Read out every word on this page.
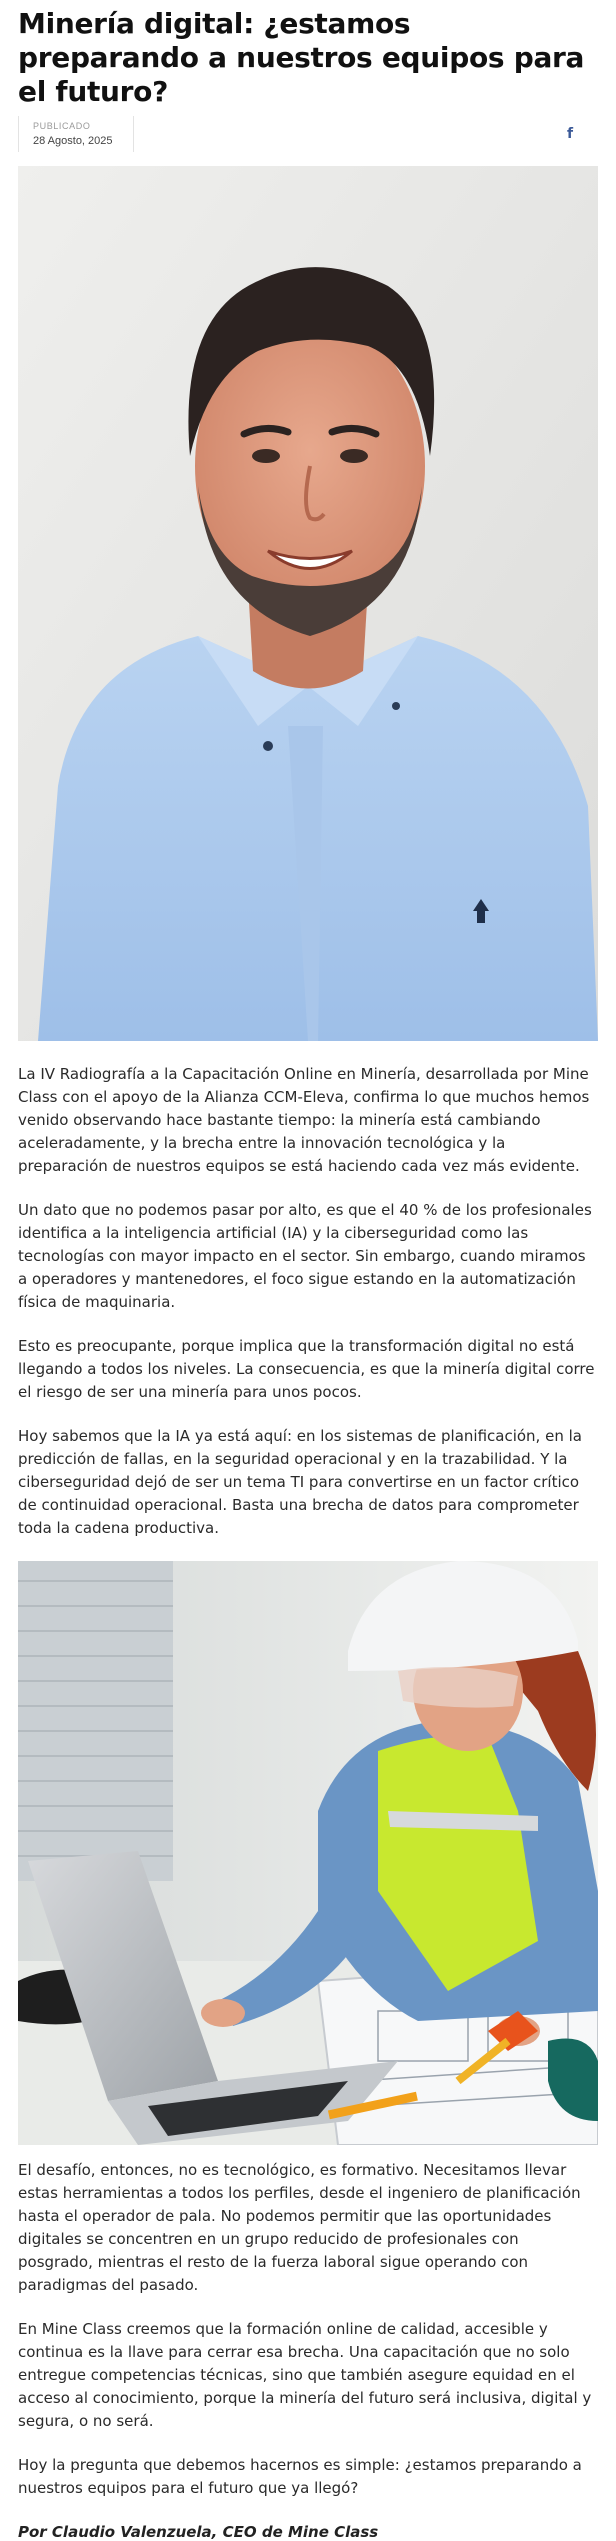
Minería digital: ¿estamos preparando a nuestros equipos para el futuro?
PUBLICADO
28 Agosto, 2025	f

La IV Radiografía a la Capacitación Online en Minería, desarrollada por Mine Class con el apoyo de la Alianza CCM-Eleva, confirma lo que muchos hemos venido observando hace bastante tiempo: la minería está cambiando aceleradamente, y la brecha entre la innovación tecnológica y la preparación de nuestros equipos se está haciendo cada vez más evidente.

Un dato que no podemos pasar por alto, es que el 40 % de los profesionales identifica a la inteligencia artificial (IA) y la ciberseguridad como las tecnologías con mayor impacto en el sector. Sin embargo, cuando miramos a operadores y mantenedores, el foco sigue estando en la automatización física de maquinaria.

Esto es preocupante, porque implica que la transformación digital no está llegando a todos los niveles. La consecuencia, es que la minería digital corre el riesgo de ser una minería para unos pocos.

Hoy sabemos que la IA ya está aquí: en los sistemas de planificación, en la predicción de fallas, en la seguridad operacional y en la trazabilidad. Y la ciberseguridad dejó de ser un tema TI para convertirse en un factor crítico de continuidad operacional. Basta una brecha de datos para comprometer toda la cadena productiva.

El desafío, entonces, no es tecnológico, es formativo. Necesitamos llevar estas herramientas a todos los perfiles, desde el ingeniero de planificación hasta el operador de pala. No podemos permitir que las oportunidades digitales se concentren en un grupo reducido de profesionales con posgrado, mientras el resto de la fuerza laboral sigue operando con paradigmas del pasado.

En Mine Class creemos que la formación online de calidad, accesible y continua es la llave para cerrar esa brecha. Una capacitación que no solo entregue competencias técnicas, sino que también asegure equidad en el acceso al conocimiento, porque la minería del futuro será inclusiva, digital y segura, o no será.

Hoy la pregunta que debemos hacernos es simple: ¿estamos preparando a nuestros equipos para el futuro que ya llegó?

Por Claudio Valenzuela, CEO de Mine Class
